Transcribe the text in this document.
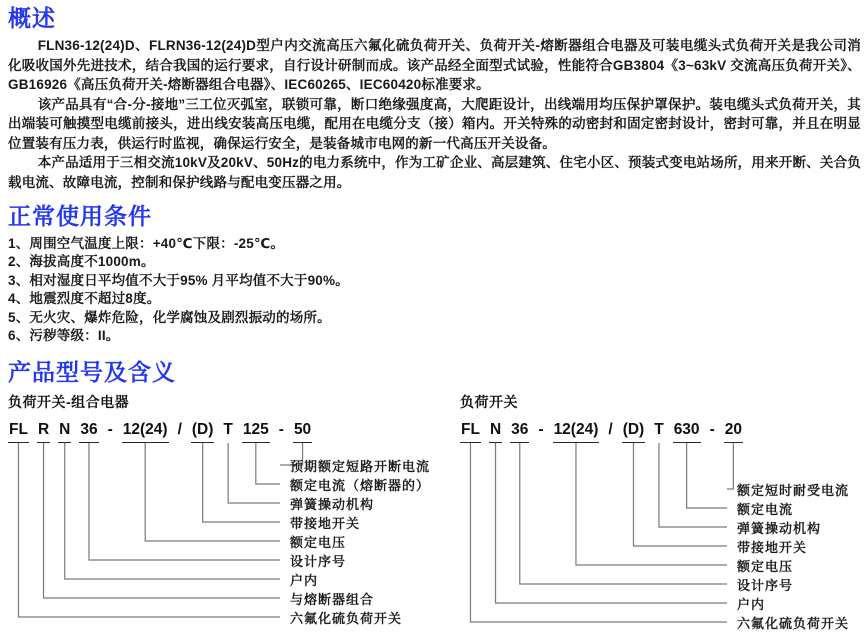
概述

FLN36-12(24)D、FLRN36-12(24)D型户内交流高压六氟化硫负荷开关、负荷开关-熔断器组合电器及可装电缆头式负荷开关是我公司消化吸收国外先进技术，结合我国的运行要求，自行设计研制而成。该产品经全面型式试验，性能符合GB3804《3~63kV 交流高压负荷开关》、GB16926《高压负荷开关-熔断器组合电器》、IEC60265、IEC60420标准要求。

该产品具有“合-分-接地”三工位灭弧室，联锁可靠，断口绝缘强度高，大爬距设计，出线端用均压保护罩保护。装电缆头式负荷开关，其出端装可触摸型电缆前接头，进出线安装高压电缆，配用在电缆分支（接）箱内。开关特殊的动密封和固定密封设计，密封可靠，并且在明显位置装有压力表，供运行时监视，确保运行安全，是装备城市电网的新一代高压开关设备。

本产品适用于三相交流10kV及20kV、50Hz的电力系统中，作为工矿企业、高层建筑、住宅小区、预装式变电站场所，用来开断、关合负载电流、故障电流，控制和保护线路与配电变压器之用。

正常使用条件
1、周围空气温度上限：+40℃下限：-25℃。
2、海拔高度不1000m。
3、相对湿度日平均值不大于95% 月平均值不大于90%。
4、地震烈度不超过8度。
5、无火灾、爆炸危险，化学腐蚀及剧烈振动的场所。
6、污秽等级：II。
产品型号及含义
负荷开关-组合电器
FL R N 36 - 12(24) / (D) T 125 - 50
六氟化硫负荷开关
与熔断器组合
户内
设计序号
额定电压
带接地开关
弹簧操动机构
额定电流（熔断器的）
预期额定短路开断电流
负荷开关
FL N 36 - 12(24) / (D) T 630 - 20
六氟化硫负荷开关
户内
设计序号
额定电压
带接地开关
弹簧操动机构
额定电流
额定短时耐受电流
